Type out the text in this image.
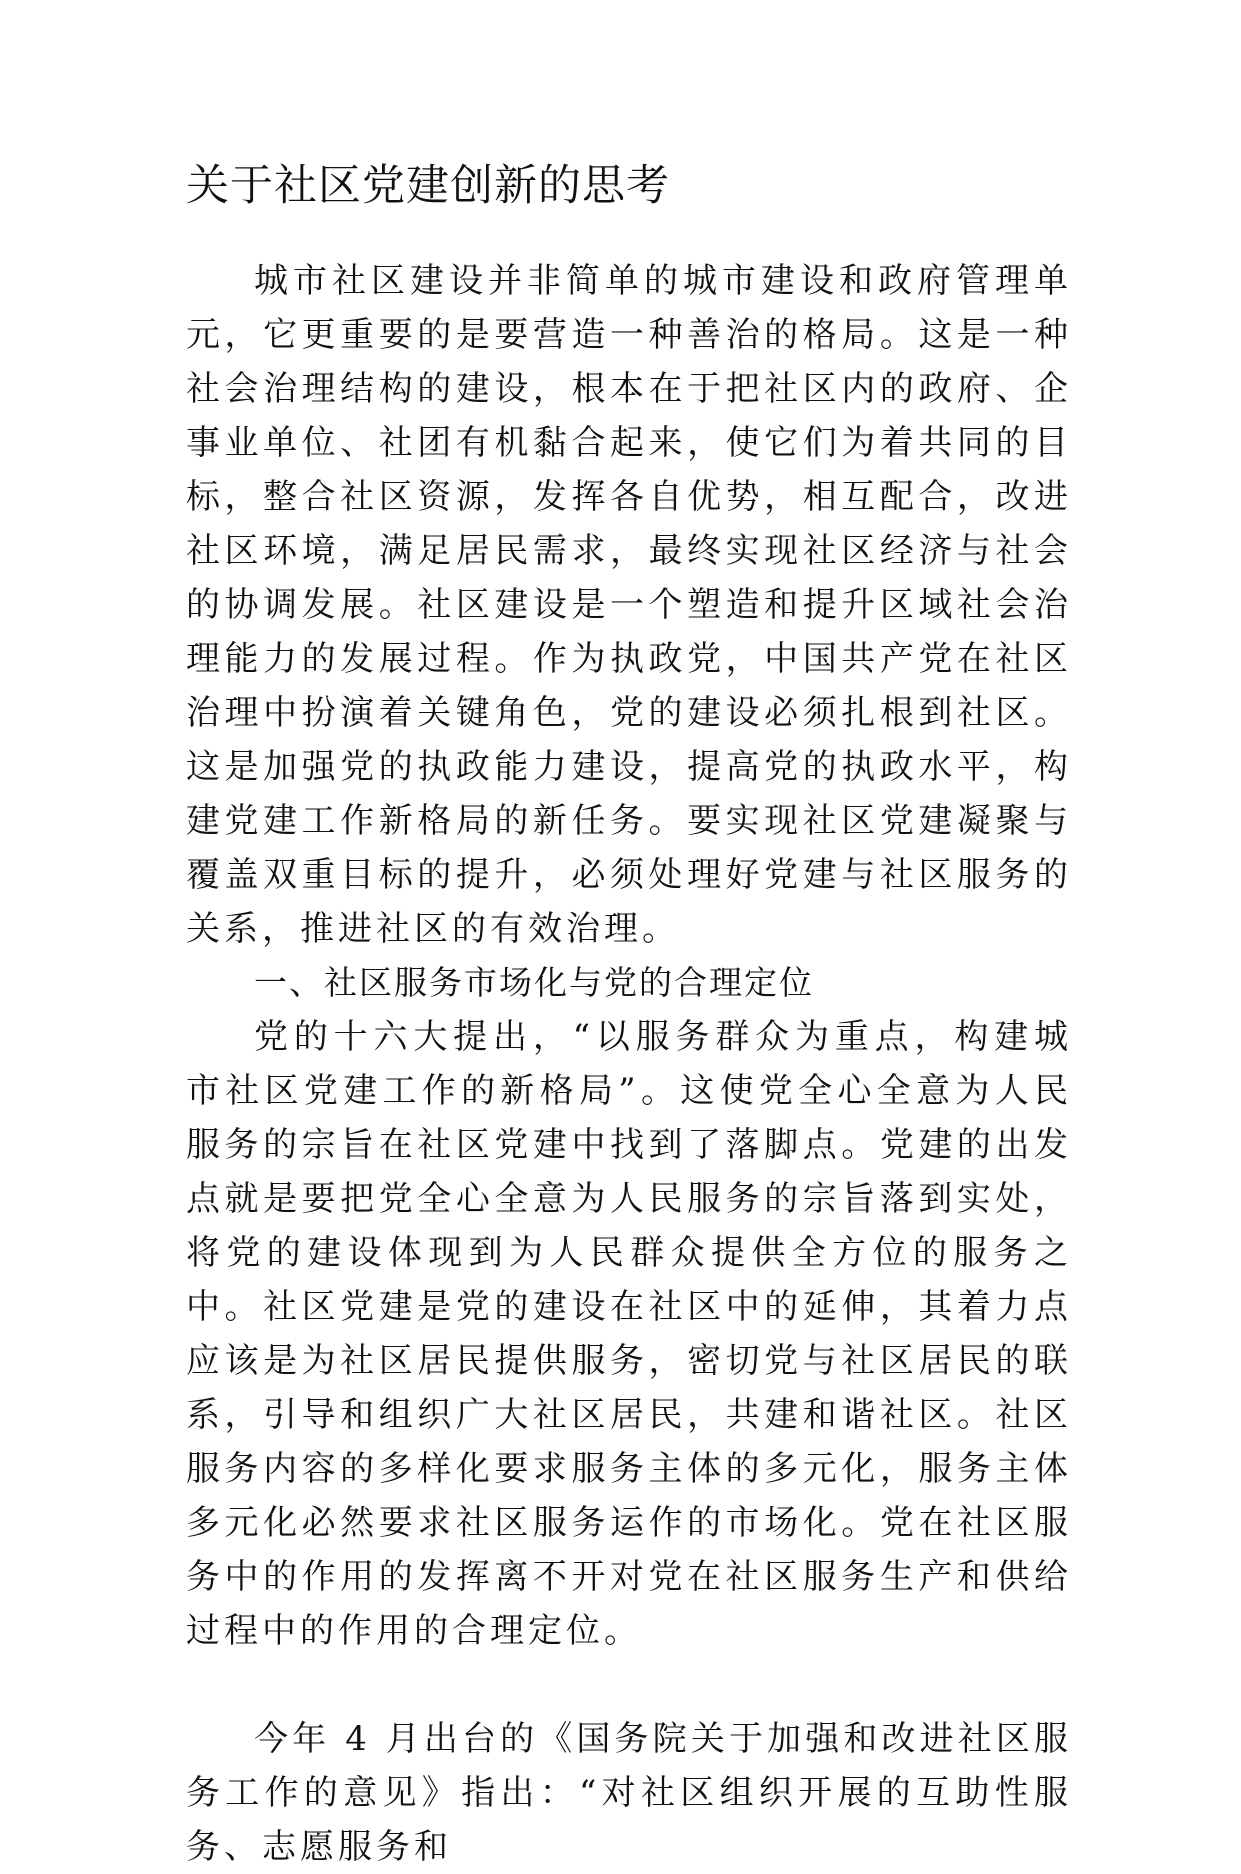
关于社区党建创新的思考

城市社区建设并非简单的城市建设和政府管理单元，它更重要的是要营造一种善治的格局。这是一种社会治理结构的建设，根本在于把社区内的政府、企事业单位、社团有机黏合起来，使它们为着共同的目标，整合社区资源，发挥各自优势，相互配合，改进社区环境，满足居民需求，最终实现社区经济与社会的协调发展。社区建设是一个塑造和提升区域社会治理能力的发展过程。作为执政党，中国共产党在社区治理中扮演着关键角色，党的建设必须扎根到社区。这是加强党的执政能力建设，提高党的执政水平，构建党建工作新格局的新任务。要实现社区党建凝聚与覆盖双重目标的提升，必须处理好党建与社区服务的关系，推进社区的有效治理。

一、社区服务市场化与党的合理定位

党的十六大提出，“以服务群众为重点，构建城市社区党建工作的新格局”。这使党全心全意为人民服务的宗旨在社区党建中找到了落脚点。党建的出发点就是要把党全心全意为人民服务的宗旨落到实处，将党的建设体现到为人民群众提供全方位的服务之中。社区党建是党的建设在社区中的延伸，其着力点应该是为社区居民提供服务，密切党与社区居民的联系，引导和组织广大社区居民，共建和谐社区。社区服务内容的多样化要求服务主体的多元化，服务主体多元化必然要求社区服务运作的市场化。党在社区服务中的作用的发挥离不开对党在社区服务生产和供给过程中的作用的合理定位。

今年 4 月出台的《国务院关于加强和改进社区服务工作的意见》指出：“对社区组织开展的互助性服务、志愿服务和
